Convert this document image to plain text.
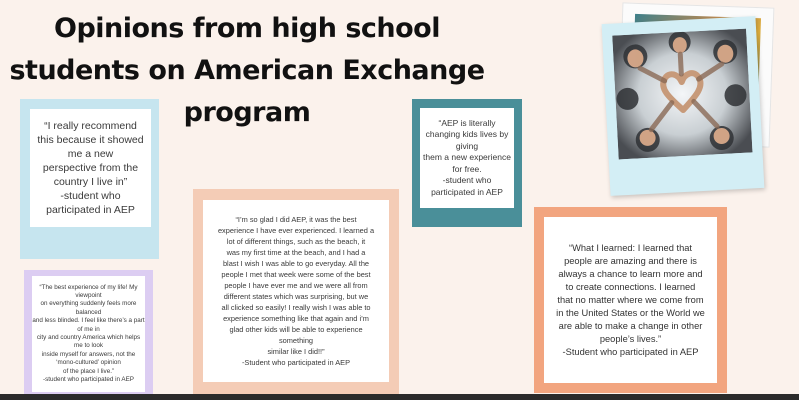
Opinions from high school
students on American Exchange
program
“I really recommend
this because it showed
me a new
perspective from the
country I live in”
-student who
participated in AEP
“AEP is literally
changing kids lives by
giving
them a new experience
for free.
-student who
participated in AEP
“I’m so glad I did AEP, it was the best
experience I have ever experienced. I learned a
lot of different things, such as the beach, it
was my first time at the beach, and I had a
blast I wish I was able to go everyday. All the
people I met that week were some of the best
people I have ever me and we were all from
different states which was surprising, but we
all clicked so easily! I really wish I was able to
experience something like that again and i’m
glad other kids will be able to experience
something
similar like I did!!”
-Student who participated in AEP
“What I learned: I learned that
people are amazing and there is
always a chance to learn more and
to create connections. I learned
that no matter where we come from
in the United States or the World we
are able to make a change in other
people’s lives.”
-Student who participated in AEP
“The best experience of my life! My
viewpoint
on everything suddenly feels more
balanced
and less blinded. I feel like there’s a part
of me in
city and country America which helps
me to look
inside myself for answers, not the
‘mono-cultured’ opinion
of the place I live.”
-student who participated in AEP
